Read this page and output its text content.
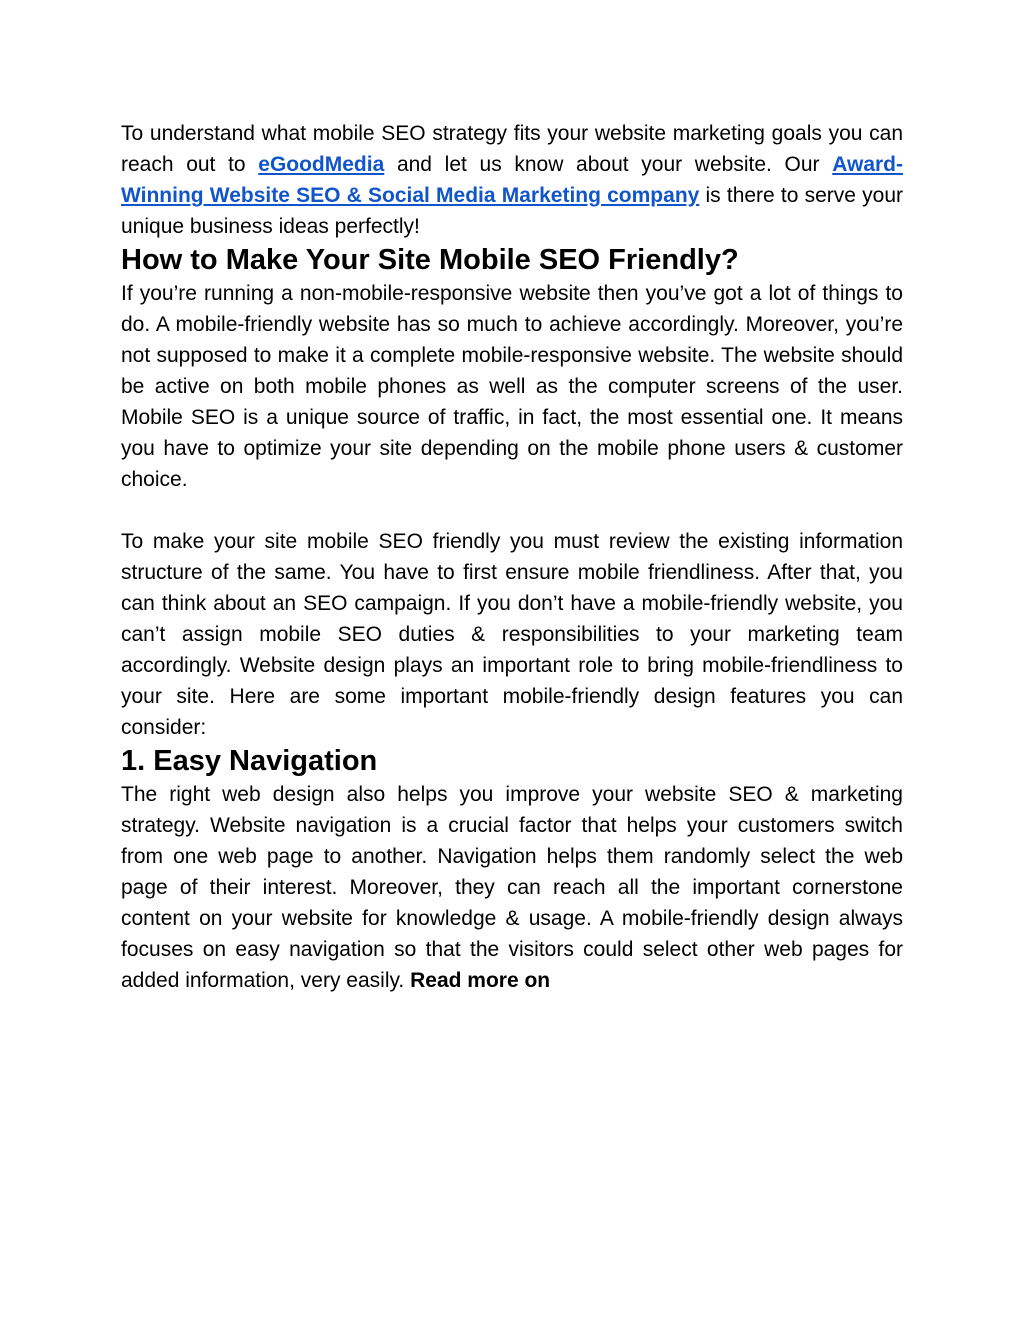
To understand what mobile SEO strategy fits your website marketing goals you can reach out to eGoodMedia and let us know about your website. Our Award-Winning Website SEO & Social Media Marketing company is there to serve your unique business ideas perfectly!

How to Make Your Site Mobile SEO Friendly?

If you’re running a non-mobile-responsive website then you’ve got a lot of things to do. A mobile-friendly website has so much to achieve accordingly. Moreover, you’re not supposed to make it a complete mobile-responsive website. The website should be active on both mobile phones as well as the computer screens of the user. Mobile SEO is a unique source of traffic, in fact, the most essential one. It means you have to optimize your site depending on the mobile phone users & customer choice.

To make your site mobile SEO friendly you must review the existing information structure of the same. You have to first ensure mobile friendliness. After that, you can think about an SEO campaign. If you don’t have a mobile-friendly website, you can’t assign mobile SEO duties & responsibilities to your marketing team accordingly. Website design plays an important role to bring mobile-friendliness to your site. Here are some important mobile-friendly design features you can consider:

1. Easy Navigation

The right web design also helps you improve your website SEO & marketing strategy. Website navigation is a crucial factor that helps your customers switch from one web page to another. Navigation helps them randomly select the web page of their interest. Moreover, they can reach all the important cornerstone content on your website for knowledge & usage. A mobile-friendly design always focuses on easy navigation so that the visitors could select other web pages for added information, very easily. Read more on
